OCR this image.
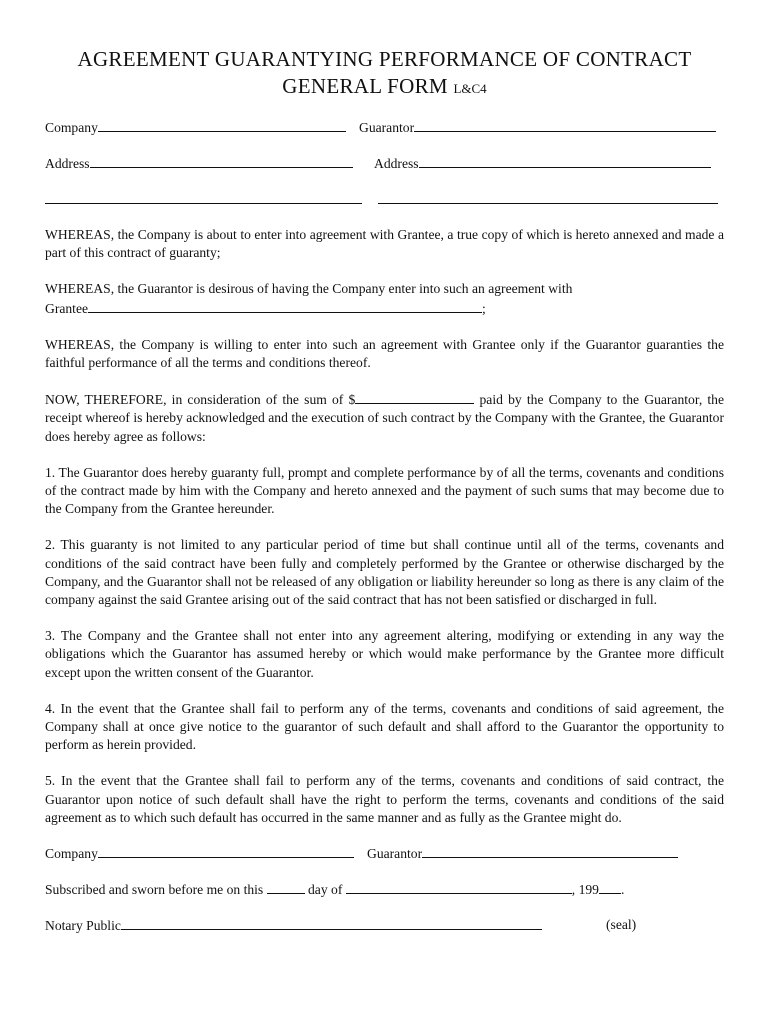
AGREEMENT GUARANTYING PERFORMANCE OF CONTRACT
GENERAL FORM L&C4
Company	Guarantor
Address	Address

WHEREAS, the Company is about to enter into agreement with Grantee, a true copy of which is hereto annexed and made a part of this contract of guaranty;

WHEREAS, the Guarantor is desirous of having the Company enter into such an agreement with
Grantee	;

WHEREAS, the Company is willing to enter into such an agreement with Grantee only if the Guarantor guaranties the faithful performance of all the terms and conditions thereof.

NOW, THEREFORE, in consideration of the sum of $	paid by the Company to the Guarantor, the receipt whereof is hereby acknowledged and the execution of such contract by the Company with the Grantee, the Guarantor does hereby agree as follows:

1. The Guarantor does hereby guaranty full, prompt and complete performance by of all the terms, covenants and conditions of the contract made by him with the Company and hereto annexed and the payment of such sums that may become due to the Company from the Grantee hereunder.

2. This guaranty is not limited to any particular period of time but shall continue until all of the terms, covenants and conditions of the said contract have been fully and completely performed by the Grantee or otherwise discharged by the Company, and the Guarantor shall not be released of any obligation or liability hereunder so long as there is any claim of the company against the said Grantee arising out of the said contract that has not been satisfied or discharged in full.

3. The Company and the Grantee shall not enter into any agreement altering, modifying or extending in any way the obligations which the Guarantor has assumed hereby or which would make performance by the Grantee more difficult except upon the written consent of the Guarantor.

4. In the event that the Grantee shall fail to perform any of the terms, covenants and conditions of said agreement, the Company shall at once give notice to the guarantor of such default and shall afford to the Guarantor the opportunity to perform as herein provided.

5. In the event that the Grantee shall fail to perform any of the terms, covenants and conditions of said contract, the Guarantor upon notice of such default shall have the right to perform the terms, covenants and conditions of the said agreement as to which such default has occurred in the same manner and as fully as the Grantee might do.

Company	Guarantor
Subscribed and sworn before me on this	day of	, 199 .
Notary Public	(seal)
